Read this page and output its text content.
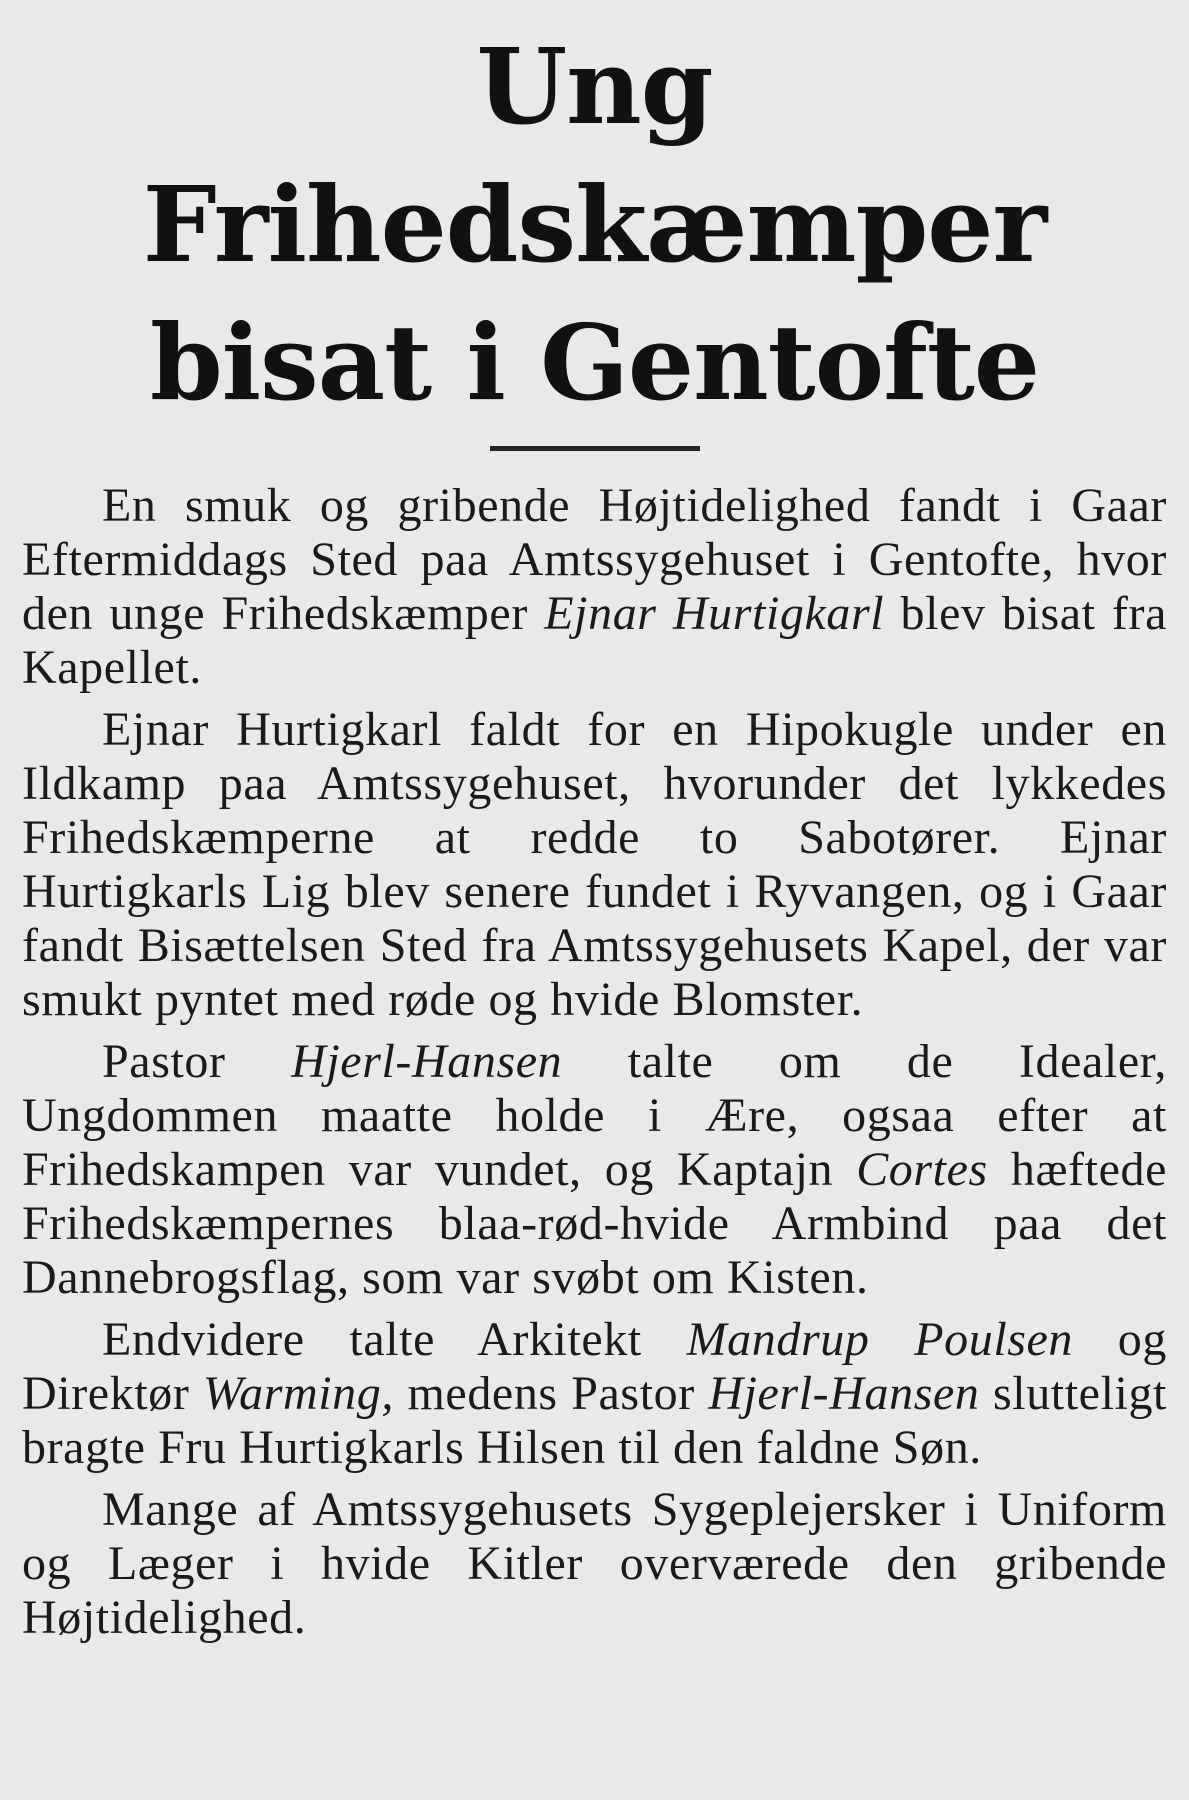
Ung Frihedskæmper
bisat i Gentofte

En smuk og gribende Højtidelighed fandt i Gaar Eftermiddags Sted paa Amtssygehuset i Gentofte, hvor den unge Frihedskæmper Ejnar Hurtigkarl blev bisat fra Kapellet.

Ejnar Hurtigkarl faldt for en Hipokugle under en Ildkamp paa Amtssygehuset, hvorunder det lykkedes Frihedskæmperne at redde to Sabotører. Ejnar Hurtigkarls Lig blev senere fundet i Ryvangen, og i Gaar fandt Bisættelsen Sted fra Amtssygehusets Kapel, der var smukt pyntet med røde og hvide Blomster.

Pastor Hjerl-Hansen talte om de Idealer, Ungdommen maatte holde i Ære, ogsaa efter at Frihedskampen var vundet, og Kaptajn Cortes hæftede Frihedskæmpernes blaa-rød-hvide Armbind paa det Dannebrogsflag, som var svøbt om Kisten.

Endvidere talte Arkitekt Mandrup Poulsen og Direktør Warming, medens Pastor Hjerl-Hansen slutteligt bragte Fru Hurtigkarls Hilsen til den faldne Søn.

Mange af Amtssygehusets Sygeplejersker i Uniform og Læger i hvide Kitler overværede den gribende Højtidelighed.
